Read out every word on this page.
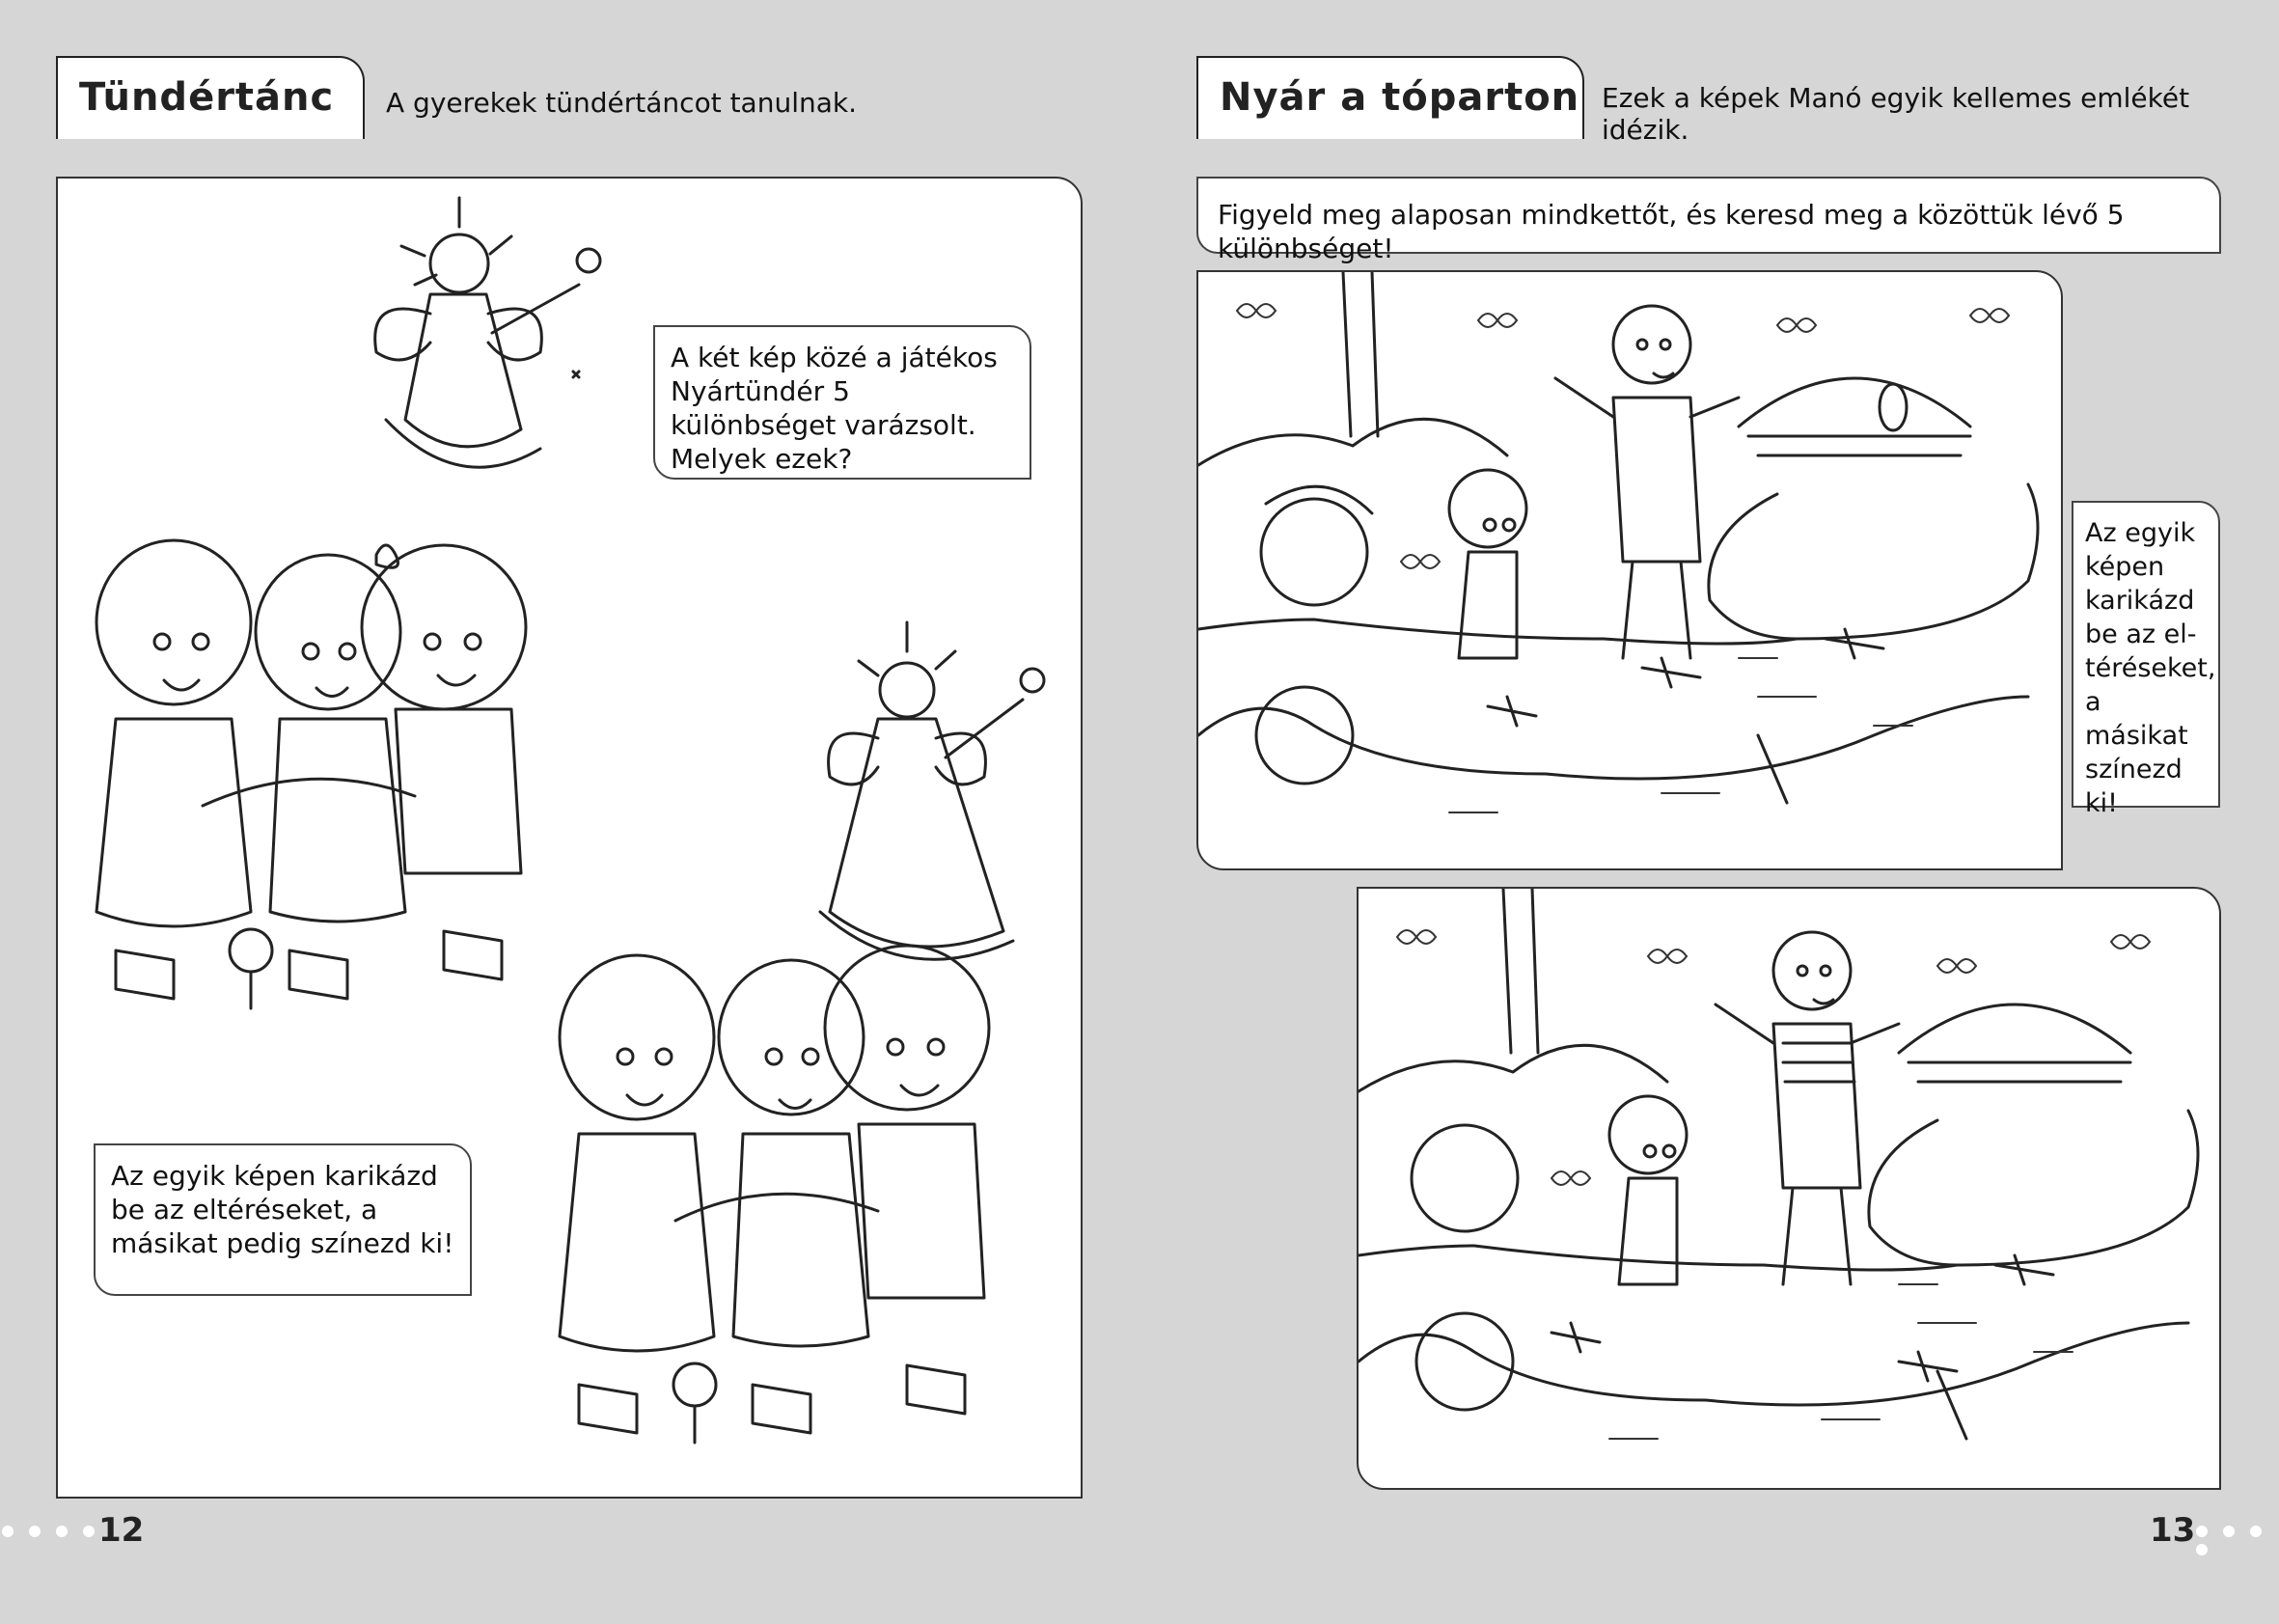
Tündértánc A gyerekek tündértáncot tanulnak.
A két kép közé a játékos Nyártündér 5 különbséget varázsolt. Melyek ezek?
Az egyik képen karikázd be az eltéréseket, a másikat pedig színezd ki!
12
Nyár a tóparton Ezek a képek Manó egyik kellemes emlékét idézik.
Figyeld meg alaposan mindkettőt, és keresd meg a közöttük lévő 5 különbséget!
Az egyik képen karikázd be az el-téréseket, a másikat színezd ki!
13
